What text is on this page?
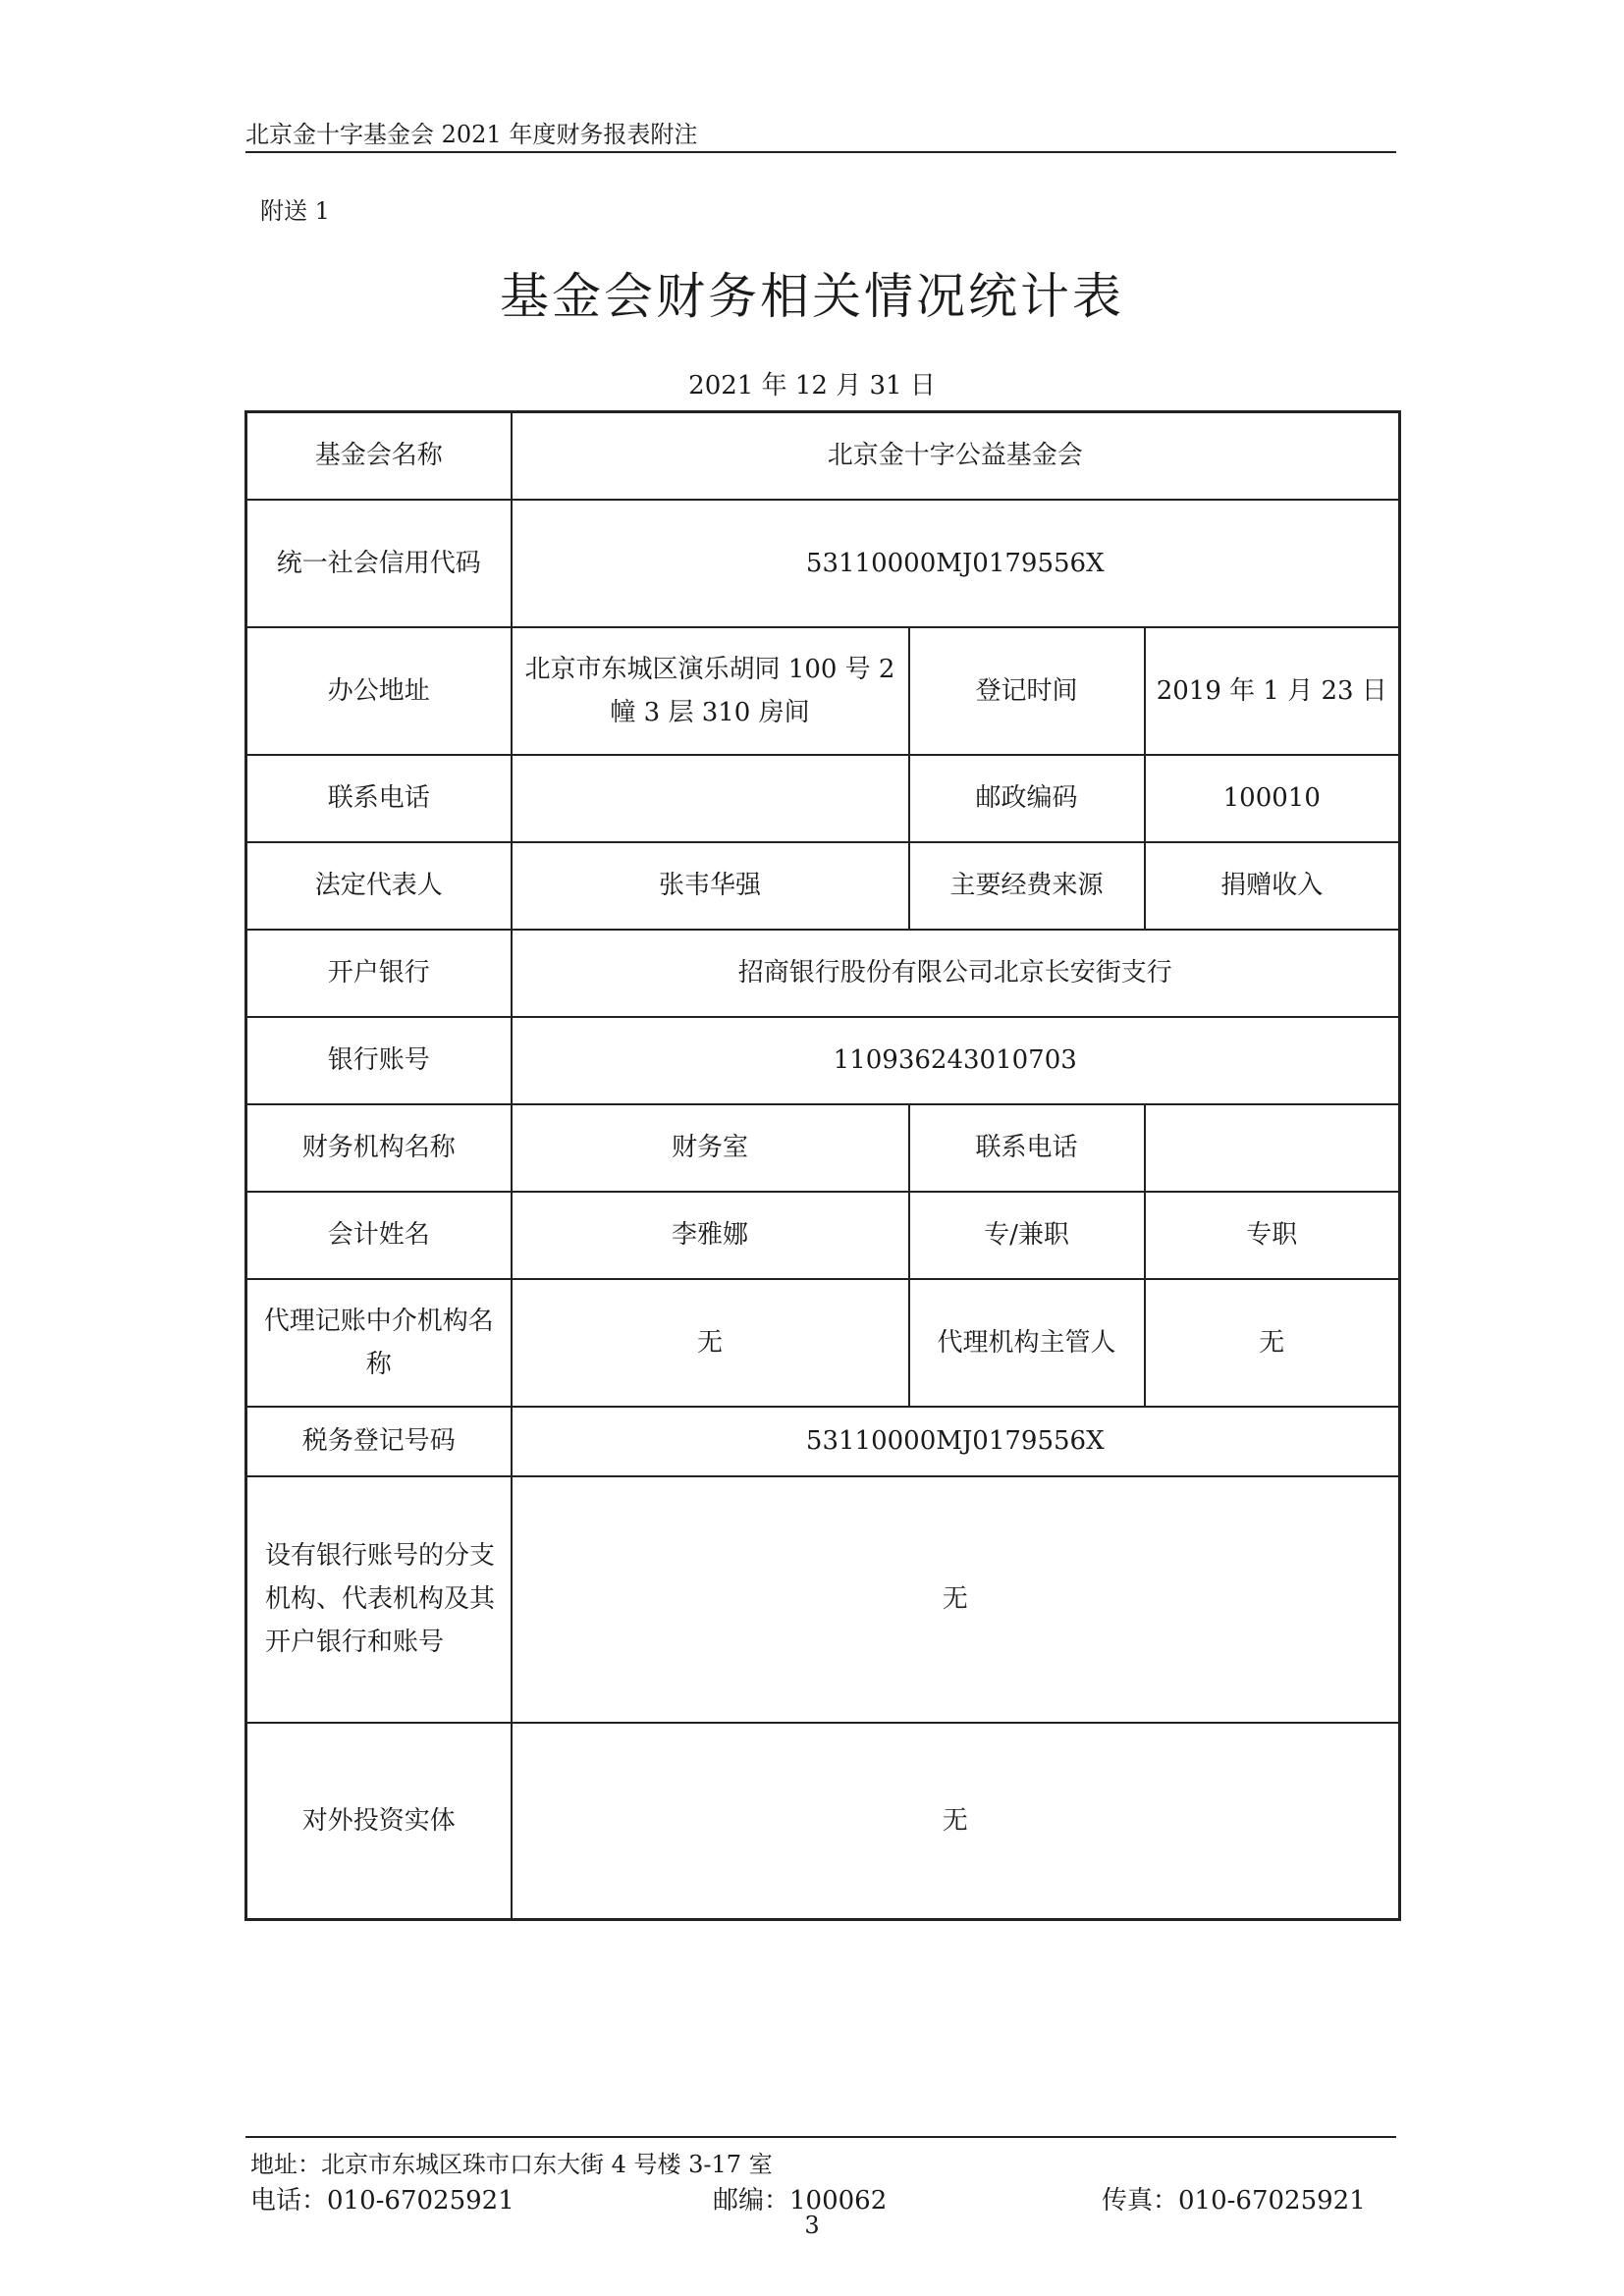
北京金十字基金会 2021 年度财务报表附注
附送 1
基金会财务相关情况统计表
2021 年 12 月 31 日
基金会名称	北京金十字公益基金会		
统一社会信用代码	53110000MJ0179556X		
办公地址	北京市东城区演乐胡同 100 号 2 幢 3 层 310 房间	登记时间	2019 年 1 月 23 日
联系电话		邮政编码	100010
法定代表人	张韦华强	主要经费来源	捐赠收入
开户银行	招商银行股份有限公司北京长安街支行		
银行账号	110936243010703		
财务机构名称	财务室	联系电话	
会计姓名	李雅娜	专/兼职	专职
代理记账中介机构名称	无	代理机构主管人	无
税务登记号码	53110000MJ0179556X		
设有银行账号的分支机构、代表机构及其开户银行和账号	无		
对外投资实体	无		
地址：北京市东城区珠市口东大街 4 号楼 3-17 室
电话：010-67025921	邮编：100062	传真：010-67025921
3
